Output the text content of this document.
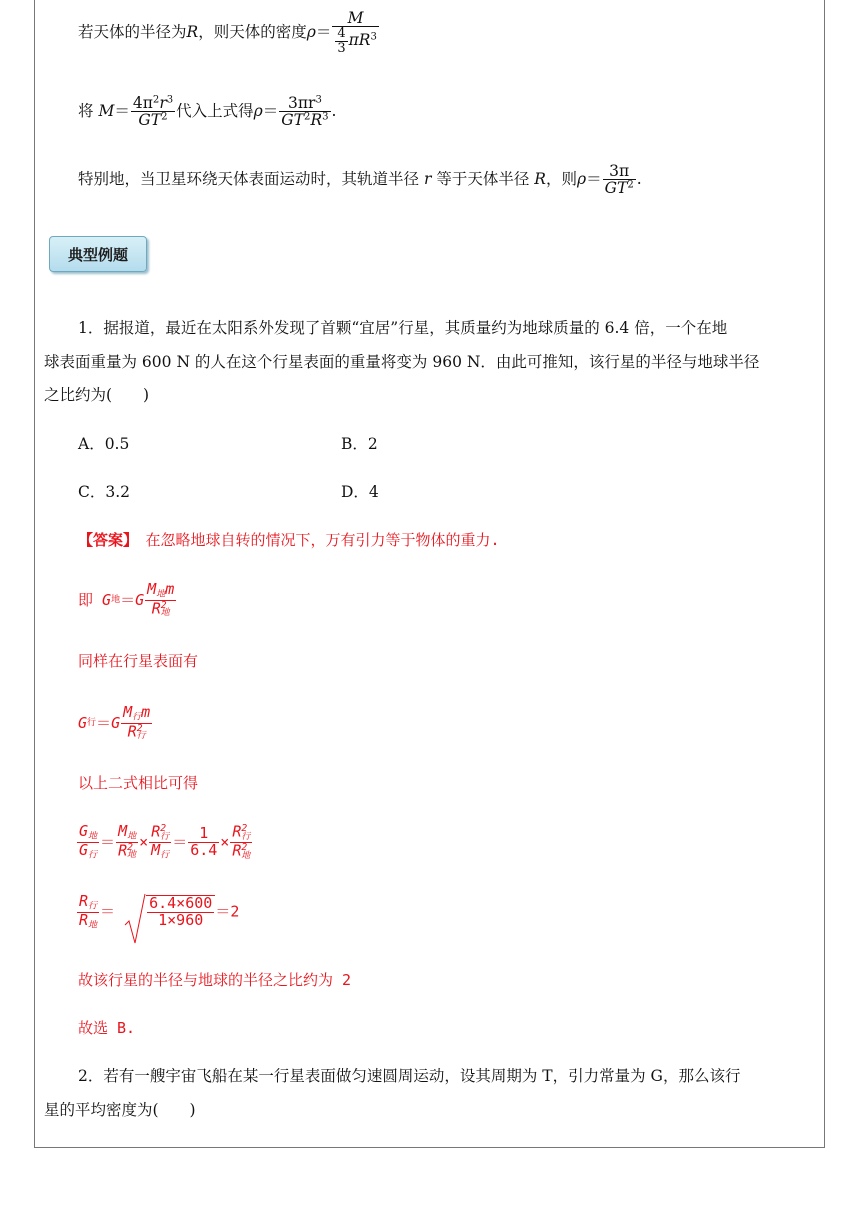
若天体的半径为R，则天体的密度$\rho= \frac{M}{\frac{4}{3} \pi R^3}$
将 $M= \frac{4\pi^2r^3}{GT^2}$ 代入上式得$\rho= \frac{3\pi r^3}{GT^2R^3}$ .
特别地，当卫星环绕天体表面运动时，其轨道半径 r 等于天体半径 R，则$\rho= \frac{3\pi}{GT^2}$ .
典型例题
1．据报道，最近在太阳系外发现了首颗“宜居”行星，其质量约为地球质量的 6.4 倍，一个在地
球表面重量为 600 N 的人在这个行星表面的重量将变为 960 N．由此可推知，该行星的半径与地球半径
之比约为(　　)
A．0.5	B．2
C．3.2	D．4
【答案】　 在忽略地球自转的情况下，万有引力等于物体的重力.
即 G地$=G \frac{\text{M地m}}{R^2地}$
同样在行星表面有
G行$=G \frac{\text{M行m}}{R^2行}$
以上二式相比可得
$\frac{\text{G地}}{\text{G行}} = \frac{\text{M地}}{R^2地} \times \frac{R^2行}{\text{M行}} = \frac{1}{6.4} \times \frac{R^2行}{R^2地}$
$\frac{\text{R行}}{\text{R地}} = \frac{6.4\times 600}{1\times 960} =2$
故该行星的半径与地球的半径之比约为 2
故选 B.
2．若有一艘宇宙飞船在某一行星表面做匀速圆周运动，设其周期为 T，引力常量为 G，那么该行
星的平均密度为(　　)
